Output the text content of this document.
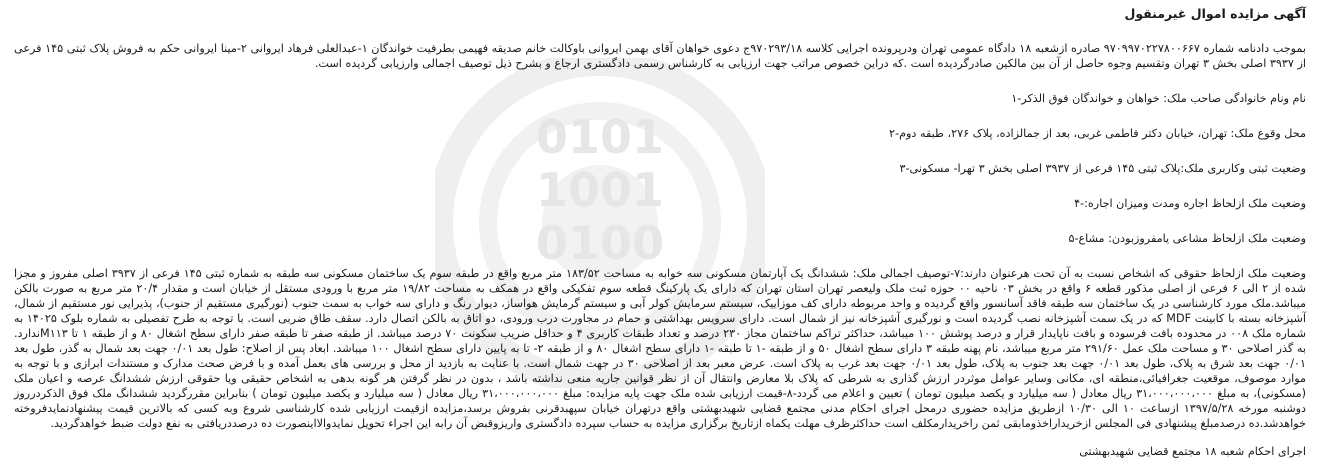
0101
1001
0100
آگهی مزایده اموال غیرمنقول

بموجب دادنامه شماره ۹۷۰۹۹۷۰۲۲۷۸۰۰۶۶۷ صادره ازشعبه ۱۸ دادگاه عمومی تهران ودرپرونده اجرایی کلاسه ۹۷۰۲۹۳/۱۸ج دعوی خواهان آقای بهمن ایروانی باوکالت خانم صدیقه فهیمی بطرفیت خواندگان ۱-عبدالعلی فرهاد ایروانی ۲-مینا ایروانی حکم به فروش پلاک ثبتی ۱۴۵ فرعی از ۳۹۳۷ اصلی بخش ۳ تهران وتقسیم وجوه حاصل از آن بین مالکین صادرگردیده است .که دراین خصوص مراتب جهت ارزیابی به کارشناس رسمی دادگستری ارجاع و بشرح ذیل توصیف اجمالی وارزیابی گردیده است.

نام ونام خانوادگی صاحب ملک: خواهان و خواندگان فوق الذکر-۱

محل وقوع ملک: تهران، خیابان دکتر فاطمی غربی، بعد از جمالزاده، پلاک ۲۷۶، طبقه دوم-۲

وضعیت ثبتی وکاربری ملک:پلاک ثبتی ۱۴۵ فرعی از ۳۹۳۷ اصلی بخش ۳ تهرا- مسکونی-۳

وضعیت ملک ازلحاظ اجاره ومدت ومیزان اجاره:-۴

وضعیت ملک ازلحاظ مشاعی یامفروزبودن: مشاع-۵

وضعیت ملک ازلحاظ حقوقی که اشخاص نسبت به آن تحت هرعنوان دارند:۷-توصیف اجمالی ملک: ششدانگ یک آپارتمان مسکونی سه خوابه به مساحت ۱۸۳/۵۲ متر مربع واقع در طبقه سوم یک ساختمان مسکونی سه طبقه به شماره ثبتی ۱۴۵ فرعی از ۳۹۳۷ اصلی مفروز و مجزا شده از ۲ الی ۶ فرعی از اصلی مذکور قطعه ۶ واقع در بخش ۰۳ ناحیه ۰۰ حوزه ثبت ملک ولیعصر تهران استان تهران که دارای یک پارکینگ قطعه سوم تفکیکی واقع در همکف به مساحت ۱۹/۸۲ متر مربع با ورودی مستقل از خیابان است و مقدار ۲۰/۴ متر مربع به صورت بالکن میباشد.ملک مورد کارشناسی در یک ساختمان سه طبقه فاقد آسانسور واقع گردیده و واحد مربوطه دارای کف موزاییک، سیستم سرمایش کولر آبی و سیستم گرمایش هواساز، دیوار رنگ و دارای سه خواب به سمت جنوب (نورگیری مستقیم از جنوب)، پذیرایی نور مستقیم از شمال، آشپزخانه بسته با کابینت MDF که در یک سمت آشپزخانه نصب گردیده است و نورگیری آشپزخانه نیز از شمال است. دارای سرویس بهداشتی و حمام در مجاورت درب ورودی، دو اتاق به بالکن اتصال دارد. سقف طاق ضربی است. با توجه به طرح تفصیلی به شماره بلوک ۱۴۰۲۵ به شماره ملک ۰۰۸ در محدوده بافت فرسوده و بافت ناپایدار قرار و درصد پوشش ۱۰۰ میباشد، حداکثر تراکم ساختمان مجاز ۲۳۰ درصد و تعداد طبقات کاربری ۴ و حداقل ضریب سکونت ۷۰ درصد میباشد. از طبقه صفر تا طبقه صفر دارای سطح اشغال ۸۰ و از طبقه ۱ تا M۱۱۳ندارد. به گذر اصلاحی ۳۰ و مساحت ملک عمل ۲۹۱/۶۰ متر مربع میباشد، نام پهنه طبقه ۳ دارای سطح اشغال ۵۰ و از طبقه -۱ تا طبقه -۱ دارای سطح اشغال ۸۰ و از طبقه ۲- تا به پایین دارای سطح اشغال ۱۰۰ میباشد. ابعاد پس از اصلاح: طول بعد ۰/۰۱ جهت بعد شمال به گذر، طول بعد ۰/۰۱ جهت بعد شرق به پلاک، طول بعد ۰/۰۱ جهت بعد جنوب به پلاک، طول بعد ۰/۰۱ جهت بعد غرب به پلاک است. عرض معبر بعد از اصلاحی ۳۰ در جهت شمال است. با عنایت به بازدید از محل و بررسی های بعمل آمده و با فرض صحت مدارک و مستندات ابرازی و با توجه به موارد موصوف، موقعیت جغرافیائی،منطقه ای، مکانی وسایر عوامل موثردر ارزش گذاری به شرطی که پلاک بلا معارض وانتقال آن از نظر قوانین جاریه منعی نداشته باشد ، بدون در نظر گرفتن هر گونه بدهی به اشخاص حقیقی ویا حقوقی ارزش ششدانگ عرصه و اعیان ملک (مسکونی)، به مبلغ ۳۱،۰۰۰،۰۰۰،۰۰۰ ریال معادل ( سه میلیارد و یکصد میلیون تومان ) تعیین و اعلام می گردد-۸-قیمت ارزیابی شده ملک جهت پایه مزایده: مبلغ ۳۱،۰۰۰،۰۰۰،۰۰۰ ریال معادل ( سه میلیارد و یکصد میلیون تومان ) بنابراین مقررگردید ششدانگ ملک فوق الذکردرروز دوشنبه مورخه ۱۳۹۷/۵/۲۸ ازساعت ۱۰ الی ۱۰/۳۰ ازطریق مزایده حضوری درمحل اجرای احکام مدنی مجتمع قضایی شهیدبهشتی واقع درتهران خیابان سپهبدقرنی بفروش برسد،مزایده ازقیمت ارزیابی شده کارشناسی شروع وبه کسی که بالاترین قیمت پیشنهادنمایدفروخته خواهدشد.ده درصدمبلغ پیشنهادی فی المجلس ازخریداراخذومابقی ثمن راخریدارمکلف است حداکثرظرف مهلت یکماه ازتاریخ برگزاری مزایده به حساب سپرده دادگستری واریزوقبض آن رابه این اجراء تحویل نمایدوالااینصورت ده درصددریافتی به نفع دولت ضبط خواهدگردید.

اجرای احکام شعبه ۱۸ مجتمع قضایی شهیدبهشتی
